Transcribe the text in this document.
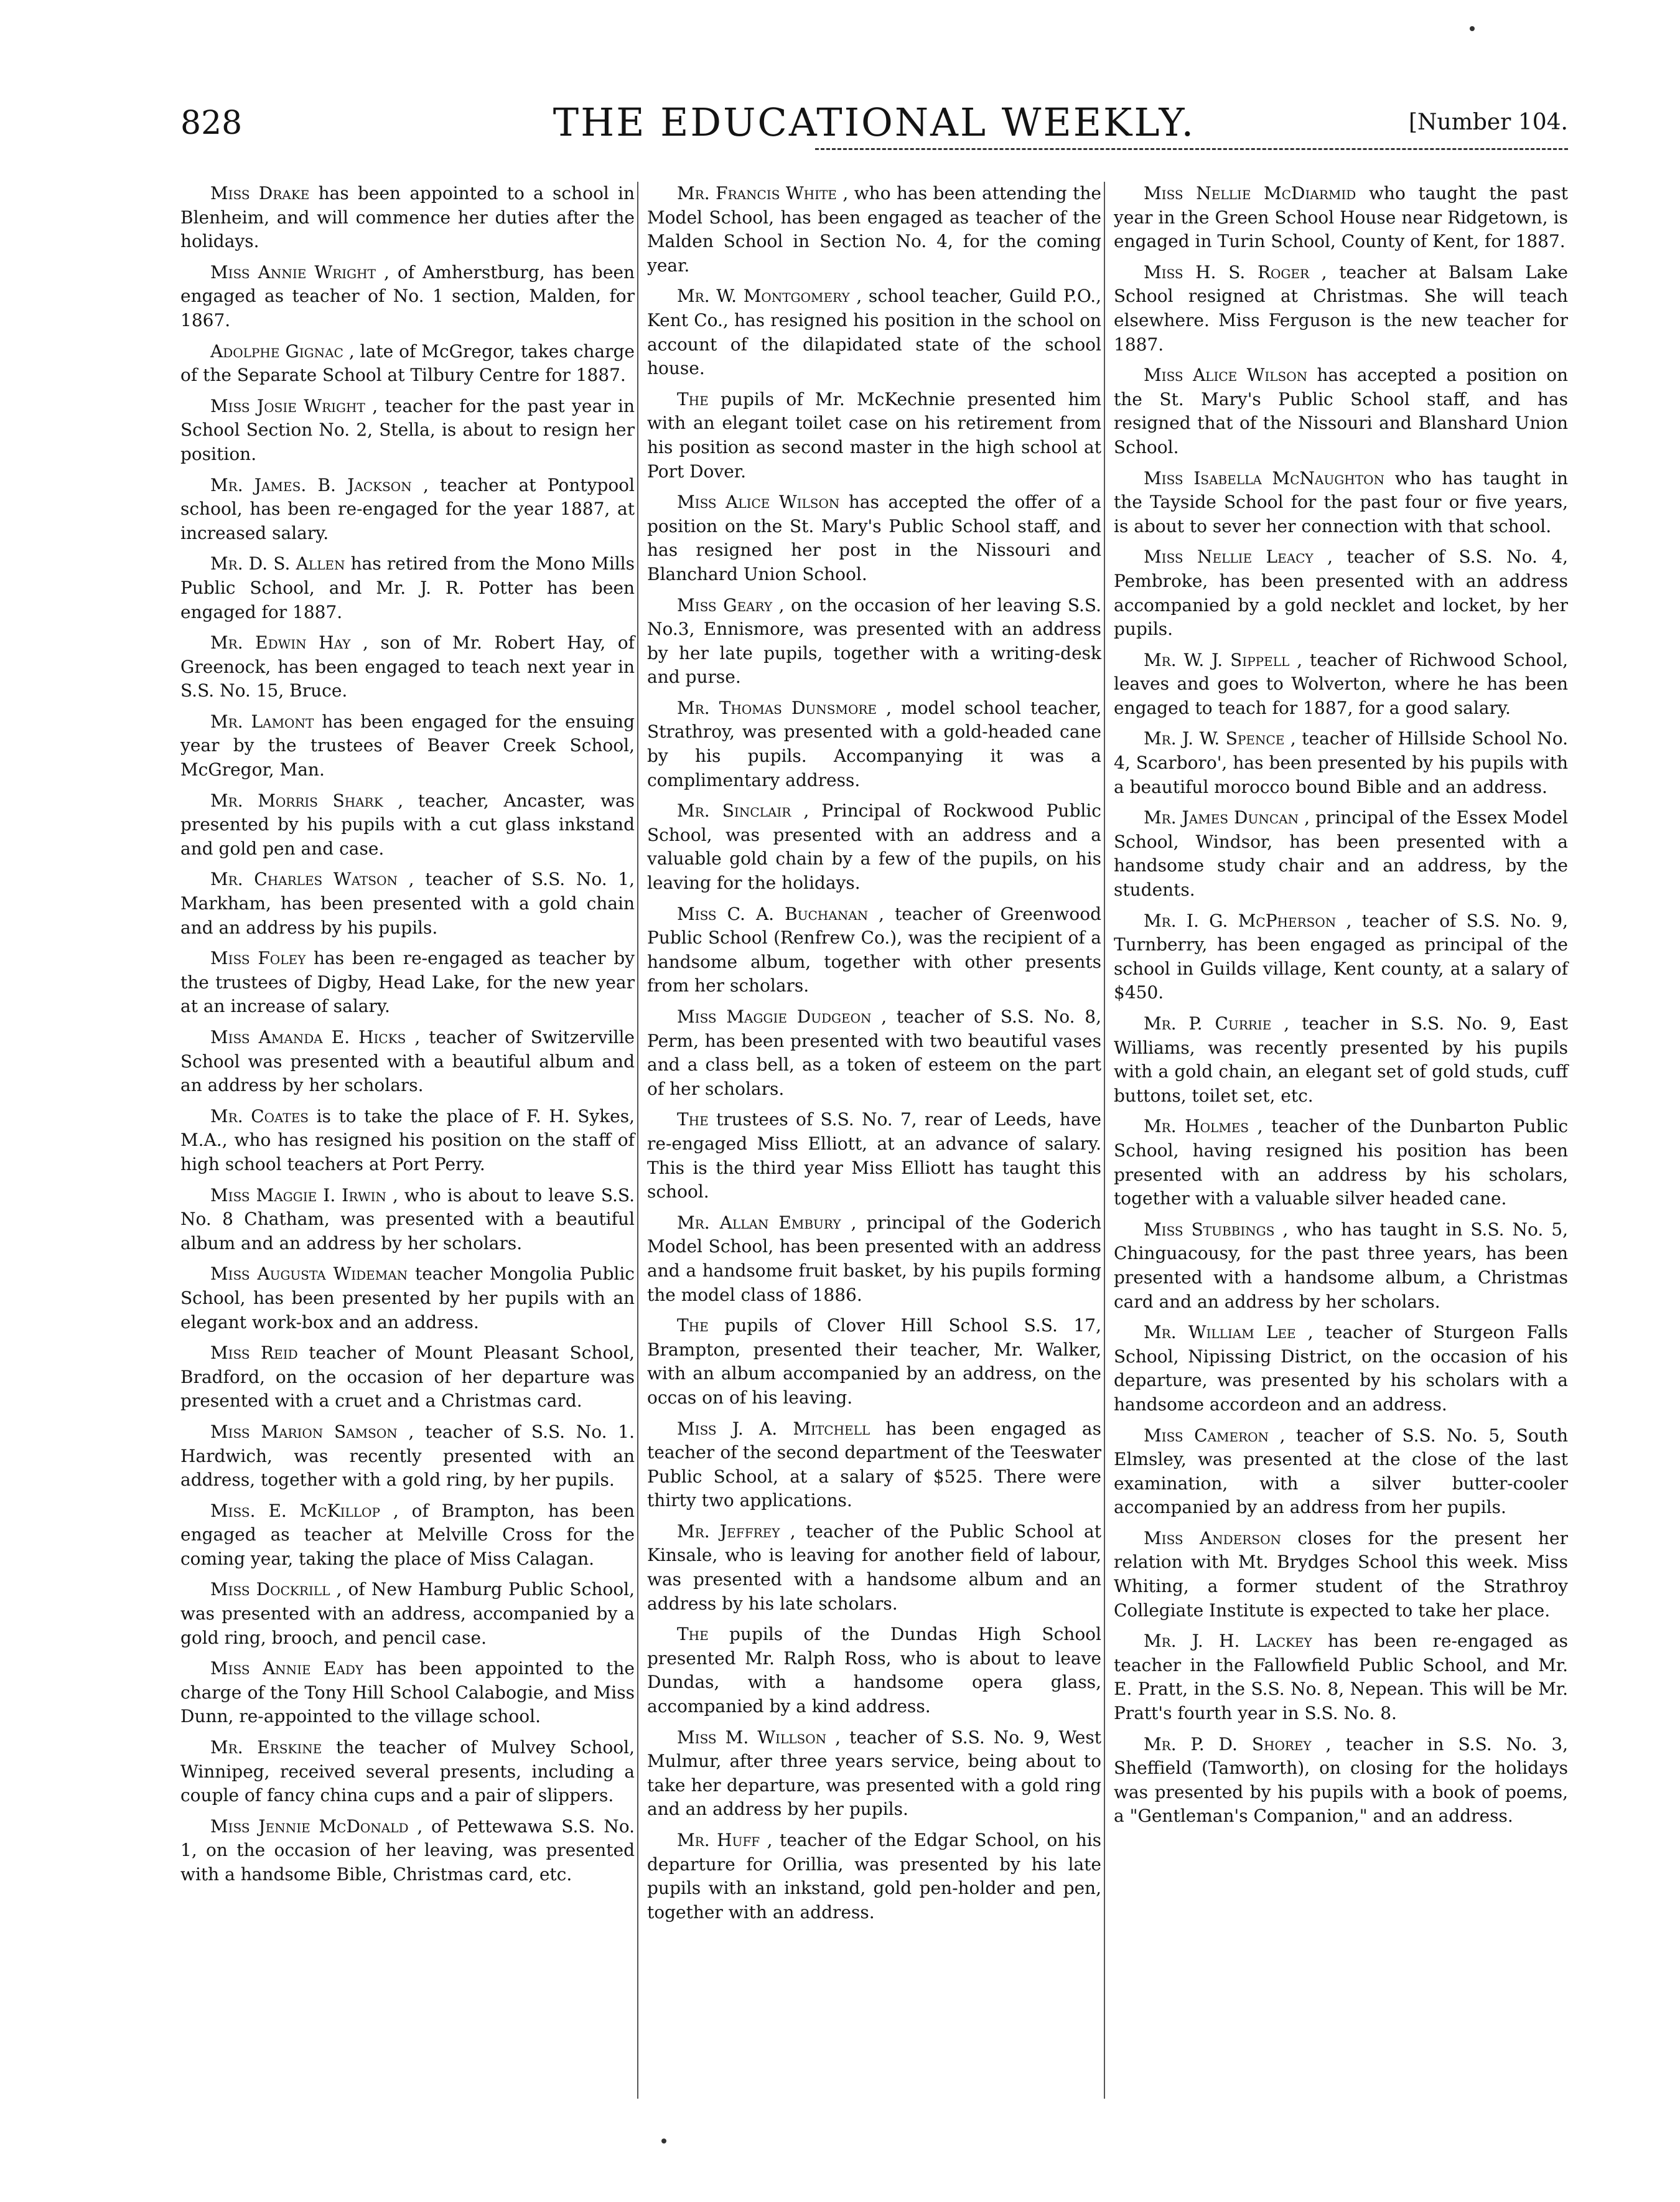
828	THE EDUCATIONAL WEEKLY.	[Number 104.

Miss Drake has been appointed to a school in Blenheim, and will commence her duties after the holidays.

Miss Annie Wright , of Amherstburg, has been engaged as teacher of No. 1 section, Malden, for 1867.

Adolphe Gignac , late of McGregor, takes charge of the Separate School at Tilbury Centre for 1887.

Miss Josie Wright , teacher for the past year in School Section No. 2, Stella, is about to resign her position.

Mr. James. B. Jackson , teacher at Pontypool school, has been re-engaged for the year 1887, at increased salary.

Mr. D. S. Allen has retired from the Mono Mills Public School, and Mr. J. R. Potter has been engaged for 1887.

Mr. Edwin Hay , son of Mr. Robert Hay, of Greenock, has been engaged to teach next year in S.S. No. 15, Bruce.

Mr. Lamont has been engaged for the ensuing year by the trustees of Beaver Creek School, McGregor, Man.

Mr. Morris Shark , teacher, Ancaster, was presented by his pupils with a cut glass inkstand and gold pen and case.

Mr. Charles Watson , teacher of S.S. No. 1, Markham, has been presented with a gold chain and an address by his pupils.

Miss Foley has been re-engaged as teacher by the trustees of Digby, Head Lake, for the new year at an increase of salary.

Miss Amanda E. Hicks , teacher of Switzerville School was presented with a beautiful album and an address by her scholars.

Mr. Coates is to take the place of F. H. Sykes, M.A., who has resigned his position on the staff of high school teachers at Port Perry.

Miss Maggie I. Irwin , who is about to leave S.S. No. 8 Chatham, was presented with a beautiful album and an address by her scholars.

Miss Augusta Wideman teacher Mongolia Public School, has been presented by her pupils with an elegant work-box and an address.

Miss Reid teacher of Mount Pleasant School, Bradford, on the occasion of her departure was presented with a cruet and a Christmas card.

Miss Marion Samson , teacher of S.S. No. 1. Hardwich, was recently presented with an address, together with a gold ring, by her pupils.

Miss. E. McKillop , of Brampton, has been engaged as teacher at Melville Cross for the coming year, taking the place of Miss Calagan.

Miss Dockrill , of New Hamburg Public School, was presented with an address, accompanied by a gold ring, brooch, and pencil case.

Miss Annie Eady has been appointed to the charge of the Tony Hill School Calabogie, and Miss Dunn, re-appointed to the village school.

Mr. Erskine the teacher of Mulvey School, Winnipeg, received several presents, including a couple of fancy china cups and a pair of slippers.

Miss Jennie McDonald , of Pettewawa S.S. No. 1, on the occasion of her leaving, was presented with a handsome Bible, Christmas card, etc.

Mr. Francis White , who has been attending the Model School, has been engaged as teacher of the Malden School in Section No. 4, for the coming year.

Mr. W. Montgomery , school teacher, Guild P.O., Kent Co., has resigned his position in the school on account of the dilapidated state of the school house.

The pupils of Mr. McKechnie presented him with an elegant toilet case on his retirement from his position as second master in the high school at Port Dover.

Miss Alice Wilson has accepted the offer of a position on the St. Mary's Public School staff, and has resigned her post in the Nissouri and Blanchard Union School.

Miss Geary , on the occasion of her leaving S.S. No.3, Ennismore, was presented with an address by her late pupils, together with a writing-desk and purse.

Mr. Thomas Dunsmore , model school teacher, Strathroy, was presented with a gold-headed cane by his pupils. Accompanying it was a complimentary address.

Mr. Sinclair , Principal of Rockwood Public School, was presented with an address and a valuable gold chain by a few of the pupils, on his leaving for the holidays.

Miss C. A. Buchanan , teacher of Greenwood Public School (Renfrew Co.), was the recipient of a handsome album, together with other presents from her scholars.

Miss Maggie Dudgeon , teacher of S.S. No. 8, Perm, has been presented with two beautiful vases and a class bell, as a token of esteem on the part of her scholars.

The trustees of S.S. No. 7, rear of Leeds, have re-engaged Miss Elliott, at an advance of salary. This is the third year Miss Elliott has taught this school.

Mr. Allan Embury , principal of the Goderich Model School, has been presented with an address and a handsome fruit basket, by his pupils forming the model class of 1886.

The pupils of Clover Hill School S.S. 17, Brampton, presented their teacher, Mr. Walker, with an album accompanied by an address, on the occas on of his leaving.

Miss J. A. Mitchell has been engaged as teacher of the second department of the Teeswater Public School, at a salary of $525. There were thirty two applications.

Mr. Jeffrey , teacher of the Public School at Kinsale, who is leaving for another field of labour, was presented with a handsome album and an address by his late scholars.

The pupils of the Dundas High School presented Mr. Ralph Ross, who is about to leave Dundas, with a handsome opera glass, accompanied by a kind address.

Miss M. Willson , teacher of S.S. No. 9, West Mulmur, after three years service, being about to take her departure, was presented with a gold ring and an address by her pupils.

Mr. Huff , teacher of the Edgar School, on his departure for Orillia, was presented by his late pupils with an inkstand, gold pen-holder and pen, together with an address.

Miss Nellie McDiarmid who taught the past year in the Green School House near Ridgetown, is engaged in Turin School, County of Kent, for 1887.

Miss H. S. Roger , teacher at Balsam Lake School resigned at Christmas. She will teach elsewhere. Miss Ferguson is the new teacher for 1887.

Miss Alice Wilson has accepted a position on the St. Mary's Public School staff, and has resigned that of the Nissouri and Blanshard Union School.

Miss Isabella McNaughton who has taught in the Tayside School for the past four or five years, is about to sever her connection with that school.

Miss Nellie Leacy , teacher of S.S. No. 4, Pembroke, has been presented with an address accompanied by a gold necklet and locket, by her pupils.

Mr. W. J. Sippell , teacher of Richwood School, leaves and goes to Wolverton, where he has been engaged to teach for 1887, for a good salary.

Mr. J. W. Spence , teacher of Hillside School No. 4, Scarboro', has been presented by his pupils with a beautiful morocco bound Bible and an address.

Mr. James Duncan , principal of the Essex Model School, Windsor, has been presented with a handsome study chair and an address, by the students.

Mr. I. G. McPherson , teacher of S.S. No. 9, Turnberry, has been engaged as principal of the school in Guilds village, Kent county, at a salary of $450.

Mr. P. Currie , teacher in S.S. No. 9, East Williams, was recently presented by his pupils with a gold chain, an elegant set of gold studs, cuff buttons, toilet set, etc.

Mr. Holmes , teacher of the Dunbarton Public School, having resigned his position has been presented with an address by his scholars, together with a valuable silver headed cane.

Miss Stubbings , who has taught in S.S. No. 5, Chinguacousy, for the past three years, has been presented with a handsome album, a Christmas card and an address by her scholars.

Mr. William Lee , teacher of Sturgeon Falls School, Nipissing District, on the occasion of his departure, was presented by his scholars with a handsome accordeon and an address.

Miss Cameron , teacher of S.S. No. 5, South Elmsley, was presented at the close of the last examination, with a silver butter-cooler accompanied by an address from her pupils.

Miss Anderson closes for the present her relation with Mt. Brydges School this week. Miss Whiting, a former student of the Strathroy Collegiate Institute is expected to take her place.

Mr. J. H. Lackey has been re-engaged as teacher in the Fallowfield Public School, and Mr. E. Pratt, in the S.S. No. 8, Nepean. This will be Mr. Pratt's fourth year in S.S. No. 8.

Mr. P. D. Shorey , teacher in S.S. No. 3, Sheffield (Tamworth), on closing for the holidays was presented by his pupils with a book of poems, a "Gentleman's Companion," and an address.
